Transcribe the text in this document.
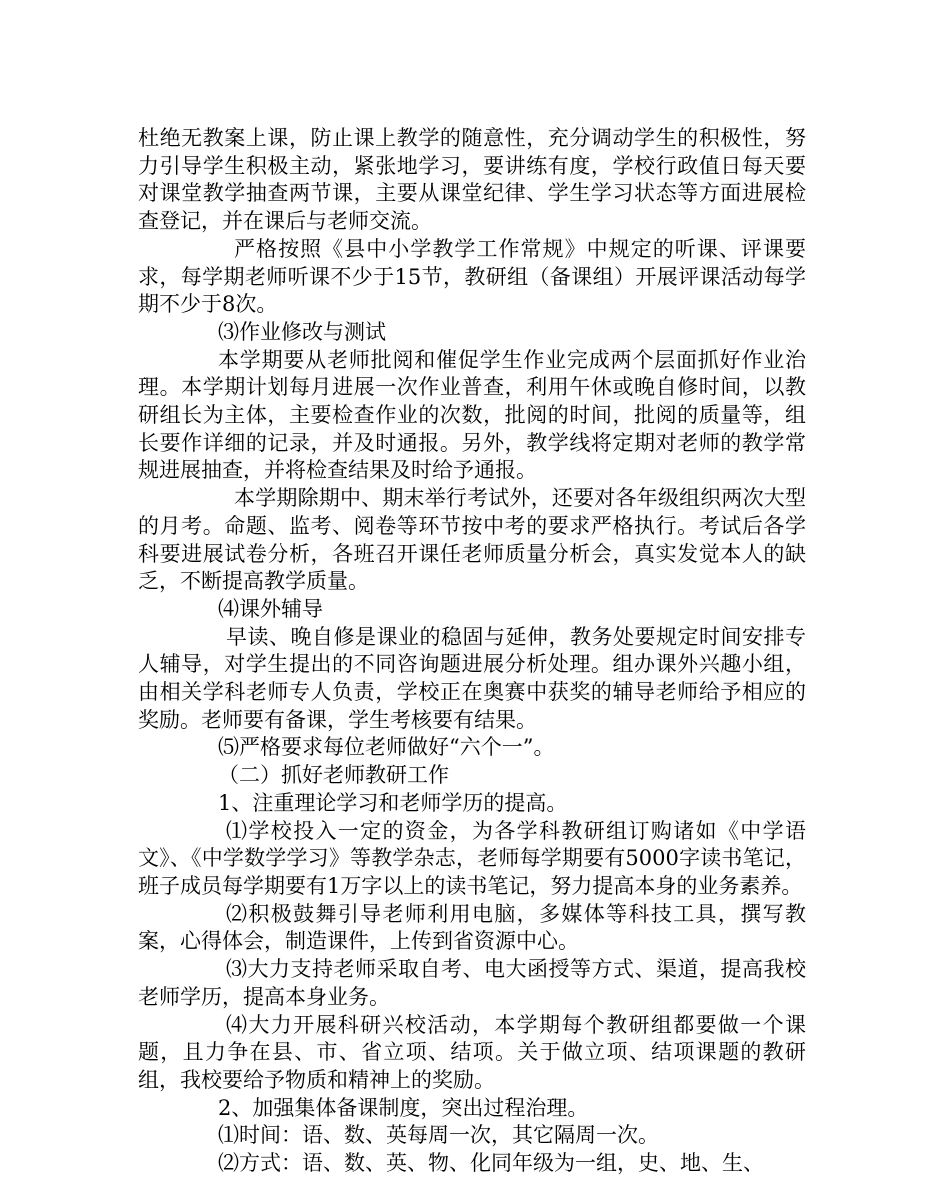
杜绝无教案上课，防止课上教学的随意性，充分调动学生的积极性，努力引导学生积极主动，紧张地学习，要讲练有度，学校行政值日每天要对课堂教学抽查两节课，主要从课堂纪律、学生学习状态等方面进展检查登记，并在课后与老师交流。

严格按照《县中小学教学工作常规》中规定的听课、评课要求，每学期老师听课不少于15节，教研组（备课组）开展评课活动每学期不少于8次。

⑶作业修改与测试

本学期要从老师批阅和催促学生作业完成两个层面抓好作业治理。本学期计划每月进展一次作业普查，利用午休或晚自修时间，以教研组长为主体，主要检查作业的次数，批阅的时间，批阅的质量等，组长要作详细的记录，并及时通报。另外，教学线将定期对老师的教学常规进展抽查，并将检查结果及时给予通报。

本学期除期中、期末举行考试外，还要对各年级组织两次大型的月考。命题、监考、阅卷等环节按中考的要求严格执行。考试后各学科要进展试卷分析，各班召开课任老师质量分析会，真实发觉本人的缺乏，不断提高教学质量。

⑷课外辅导

早读、晚自修是课业的稳固与延伸，教务处要规定时间安排专人辅导，对学生提出的不同咨询题进展分析处理。组办课外兴趣小组，由相关学科老师专人负责，学校正在奥赛中获奖的辅导老师给予相应的奖励。老师要有备课，学生考核要有结果。

⑸严格要求每位老师做好“六个一”。

（二）抓好老师教研工作

1、注重理论学习和老师学历的提高。

⑴学校投入一定的资金，为各学科教研组订购诸如《中学语文》、《中学数学学习》等教学杂志，老师每学期要有5000字读书笔记，班子成员每学期要有1万字以上的读书笔记，努力提高本身的业务素养。

⑵积极鼓舞引导老师利用电脑，多媒体等科技工具，撰写教案，心得体会，制造课件，上传到省资源中心。

⑶大力支持老师采取自考、电大函授等方式、渠道，提高我校老师学历，提高本身业务。

⑷大力开展科研兴校活动，本学期每个教研组都要做一个课题，且力争在县、市、省立项、结项。关于做立项、结项课题的教研组，我校要给予物质和精神上的奖励。

2、加强集体备课制度，突出过程治理。

⑴时间：语、数、英每周一次，其它隔周一次。

⑵方式：语、数、英、物、化同年级为一组，史、地、生、
